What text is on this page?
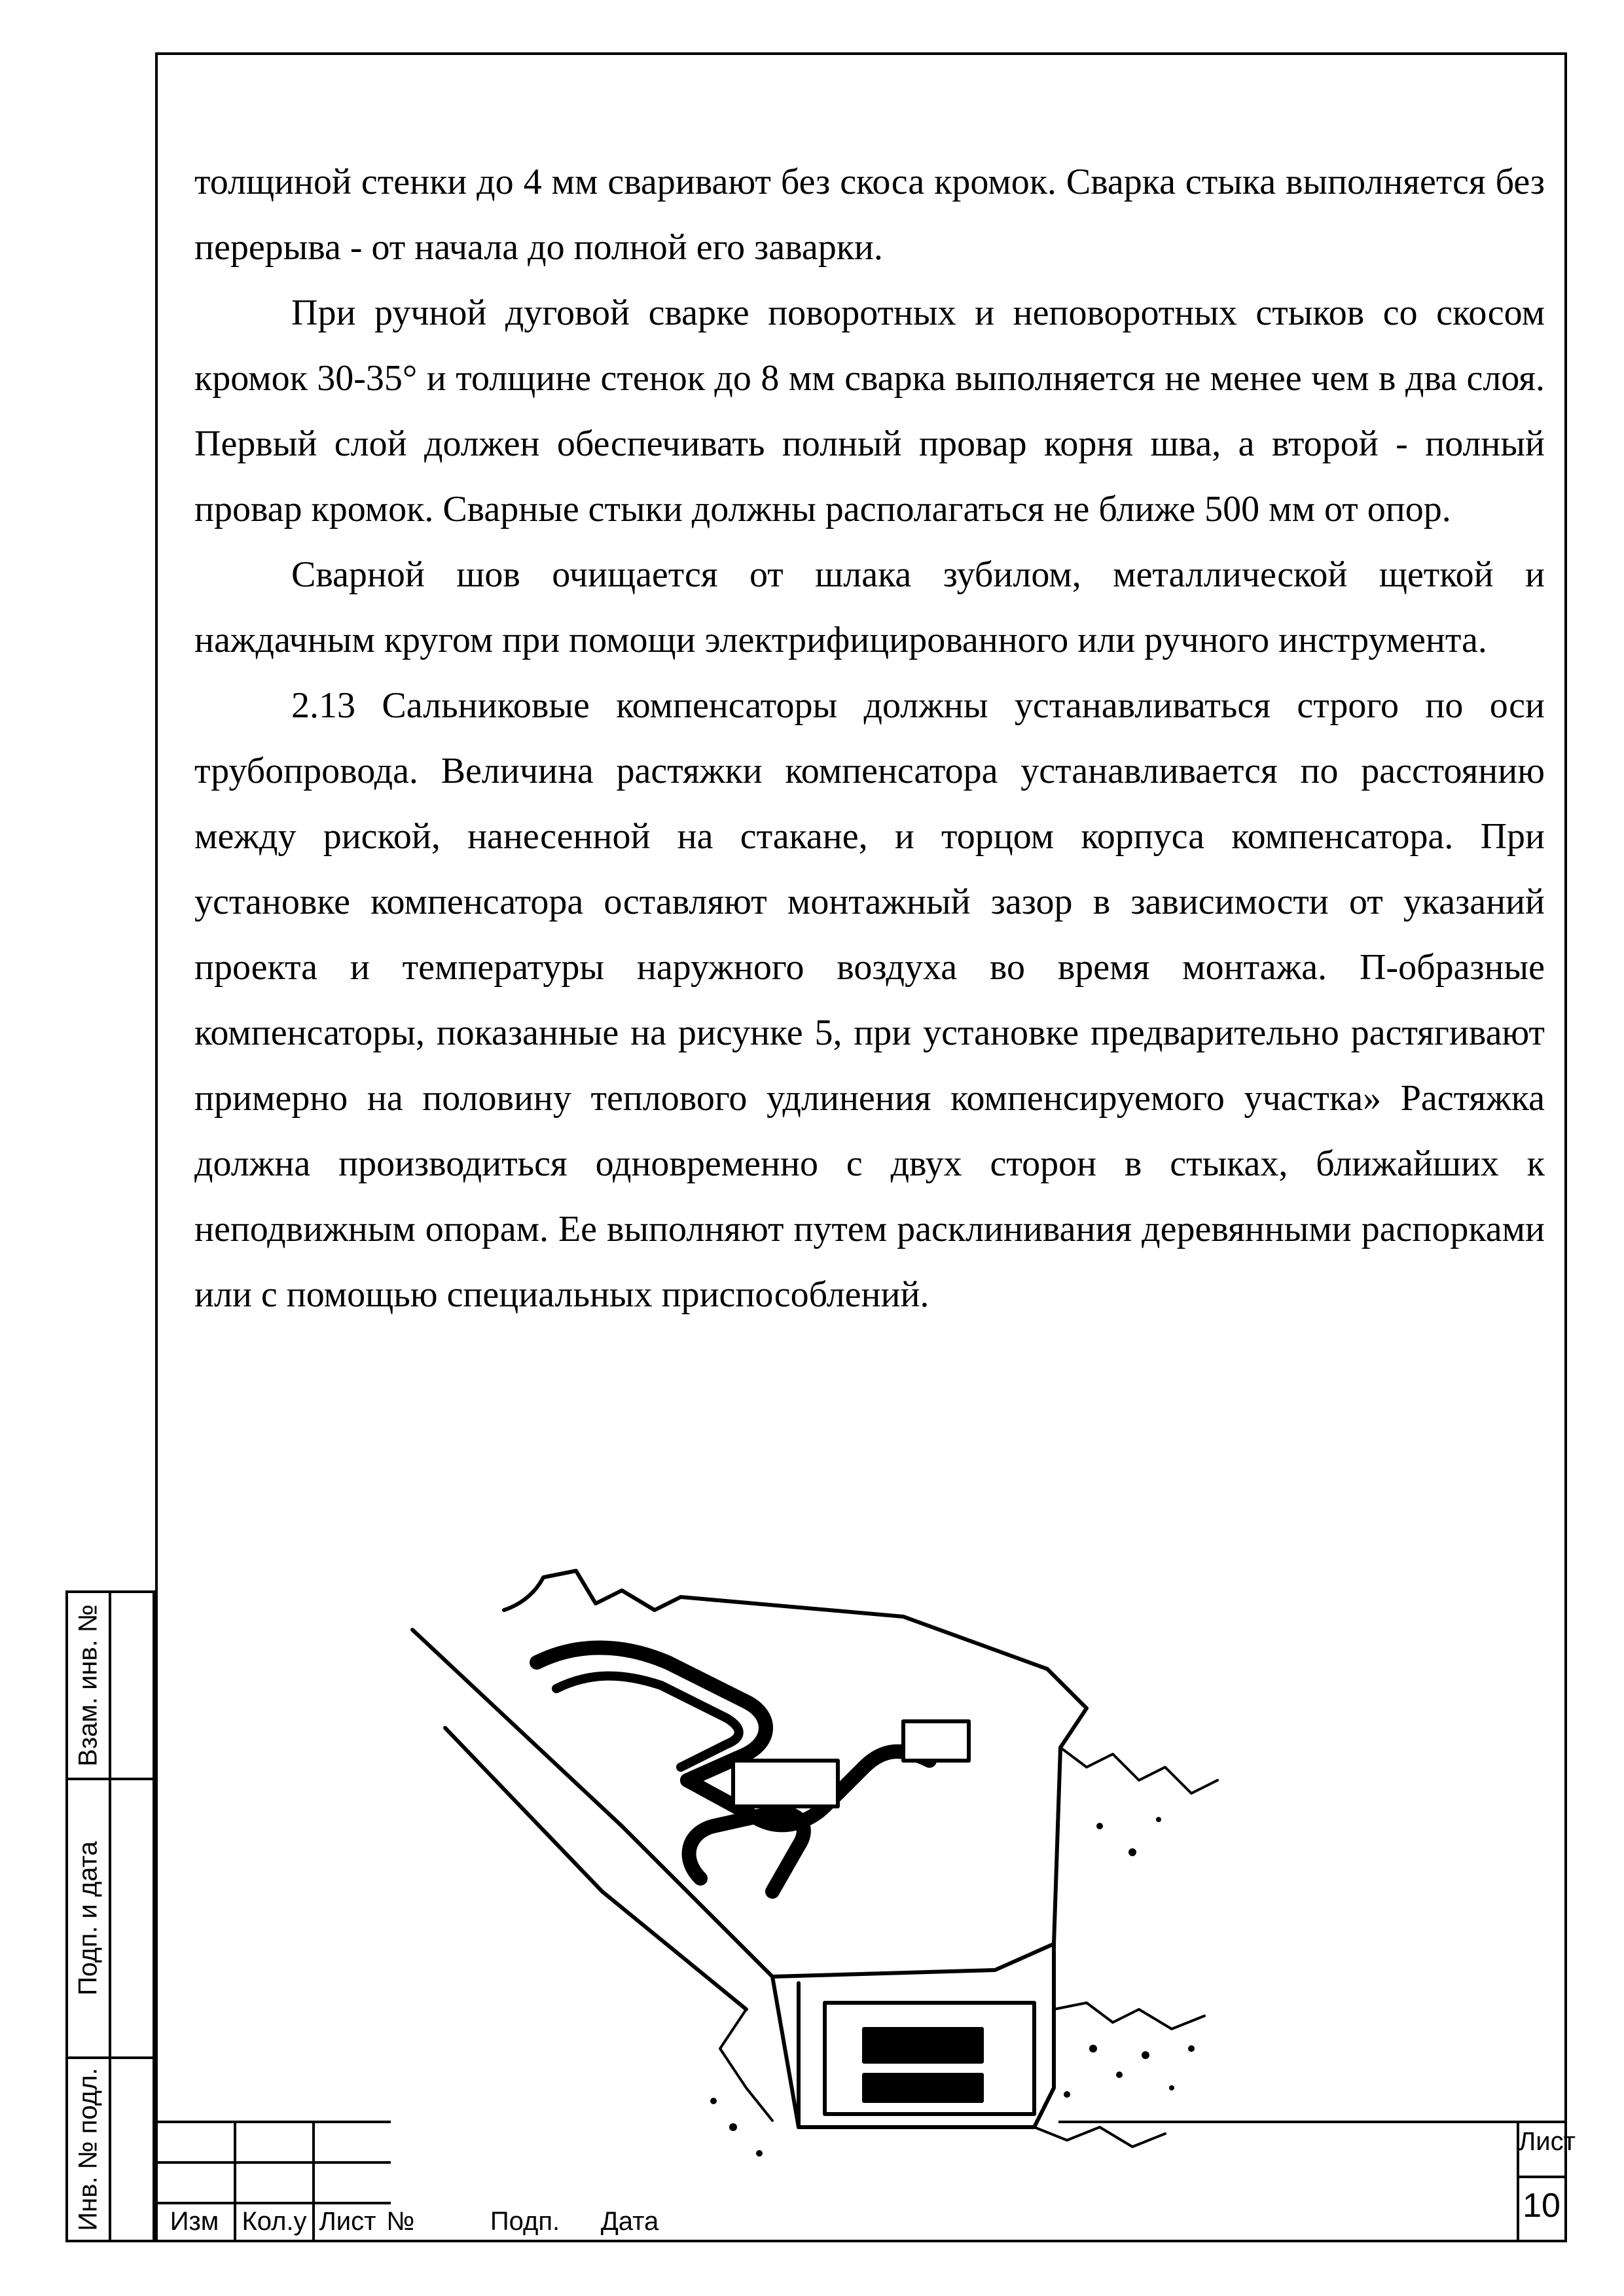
толщиной стенки до 4 мм сваривают без скоса кромок. Сварка стыка выполняется без перерыва - от начала до полной его заварки.

При ручной дуговой сварке поворотных и неповоротных стыков со скосом кромок 30-35° и толщине стенок до 8 мм сварка выполняется не менее чем в два слоя. Первый слой должен обеспечивать полный провар корня шва, а второй - полный провар кромок. Сварные стыки должны располагаться не ближе 500 мм от опор.

Сварной шов очищается от шлака зубилом, металлической щеткой и наждачным кругом при помощи электрифицированного или ручного инструмента.

2.13 Сальниковые компенсаторы должны устанавливаться строго по оси трубопровода. Величина растяжки компенсатора устанавливается по расстоянию между риской, нанесенной на стакане, и торцом корпуса компенсатора. При установке компенсатора оставляют монтажный зазор в зависимости от указаний проекта и температуры наружного воздуха во время монтажа. П-образные компенсаторы, показанные на рисунке 5, при установке предварительно растягивают примерно на половину теплового удлинения компенсируемого участка» Растяжка должна производиться одновременно с двух сторон в стыках, ближайших к неподвижным опорам. Ее выполняют путем расклинивания деревянными распорками или с помощью специальных приспособлений.

Взам. инв. №
Подп. и дата
Инв. № подл.	Изм Кол.у Лист №	Подп.	Дата
Лист
10
